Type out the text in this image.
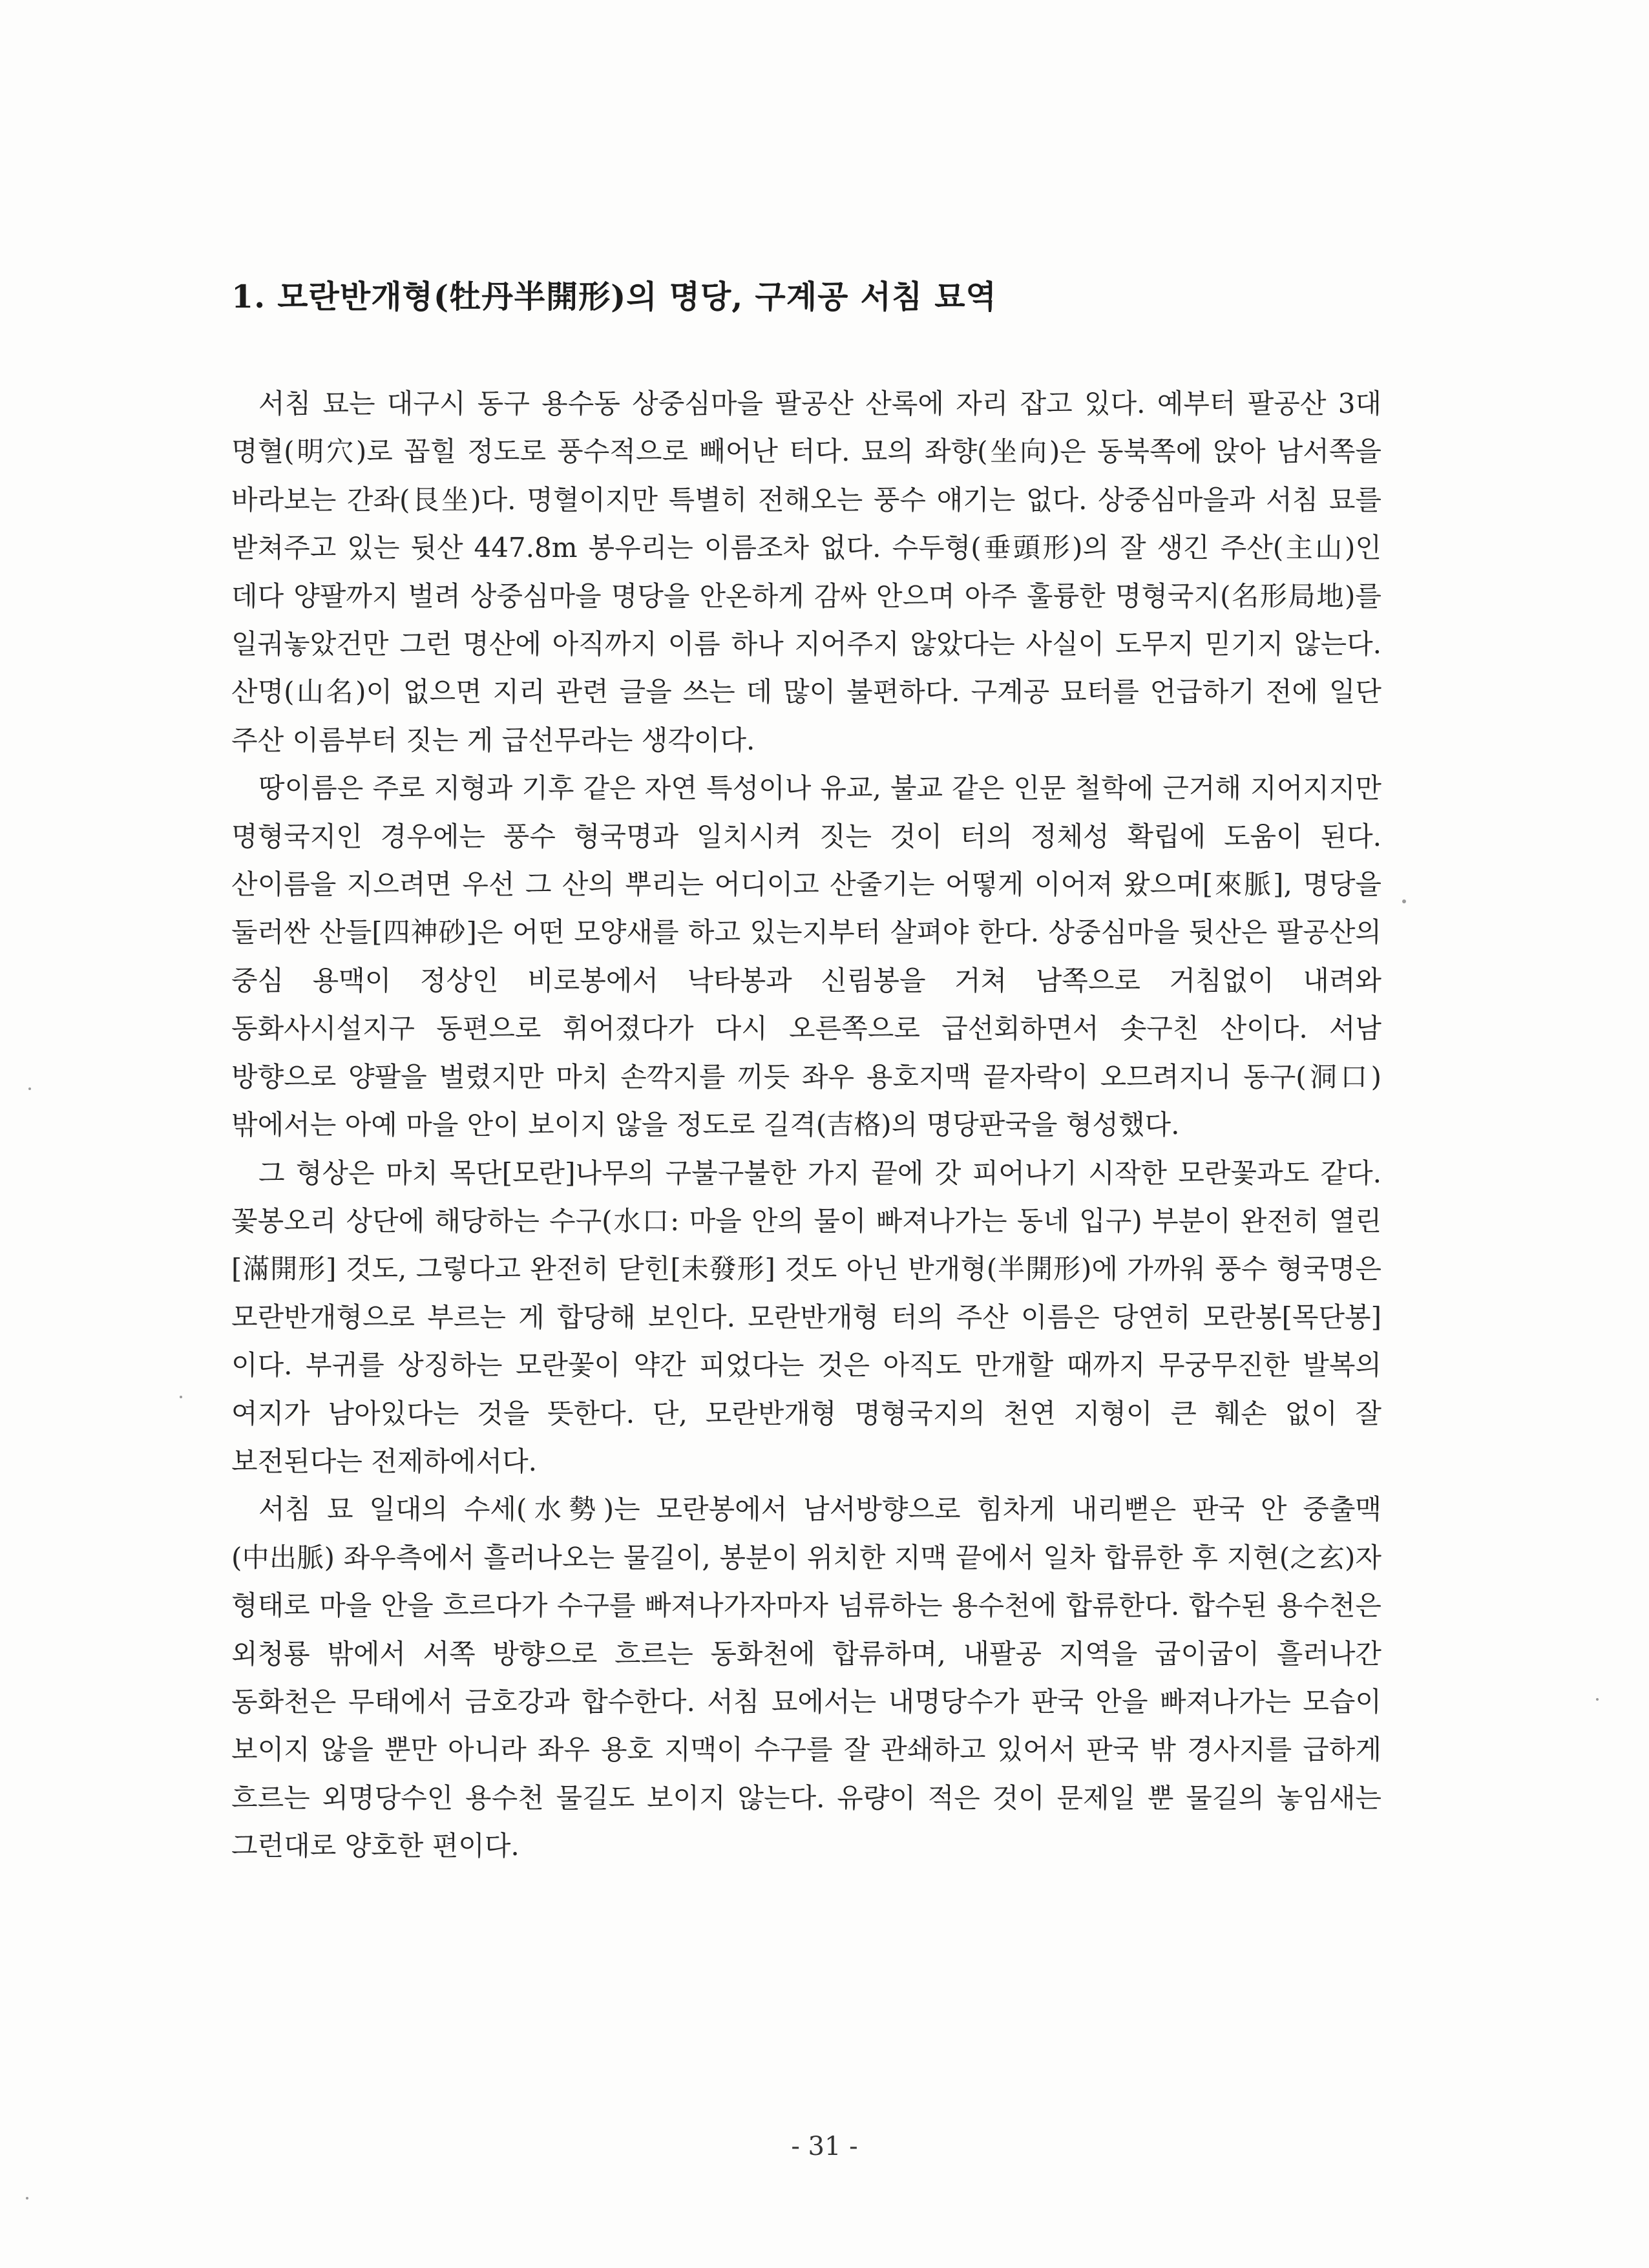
1. 모란반개형(牡丹半開形)의 명당, 구계공 서침 묘역

서침 묘는 대구시 동구 용수동 상중심마을 팔공산 산록에 자리 잡고 있다. 예부터 팔공산 3대 명혈(明穴)로 꼽힐 정도로 풍수적으로 빼어난 터다. 묘의 좌향(坐向)은 동북쪽에 앉아 남서쪽을 바라보는 간좌(艮坐)다. 명혈이지만 특별히 전해오는 풍수 얘기는 없다. 상중심마을과 서침 묘를 받쳐주고 있는 뒷산 447.8m 봉우리는 이름조차 없다. 수두형(垂頭形)의 잘 생긴 주산(主山)인 데다 양팔까지 벌려 상중심마을 명당을 안온하게 감싸 안으며 아주 훌륭한 명형국지(名形局地)를 일궈놓았건만 그런 명산에 아직까지 이름 하나 지어주지 않았다는 사실이 도무지 믿기지 않는다. 산명(山名)이 없으면 지리 관련 글을 쓰는 데 많이 불편하다. 구계공 묘터를 언급하기 전에 일단 주산 이름부터 짓는 게 급선무라는 생각이다.

땅이름은 주로 지형과 기후 같은 자연 특성이나 유교, 불교 같은 인문 철학에 근거해 지어지지만 명형국지인 경우에는 풍수 형국명과 일치시켜 짓는 것이 터의 정체성 확립에 도움이 된다. 산이름을 지으려면 우선 그 산의 뿌리는 어디이고 산줄기는 어떻게 이어져 왔으며[來脈], 명당을 둘러싼 산들[四神砂]은 어떤 모양새를 하고 있는지부터 살펴야 한다. 상중심마을 뒷산은 팔공산의 중심 용맥이 정상인 비로봉에서 낙타봉과 신림봉을 거쳐 남쪽으로 거침없이 내려와 동화사시설지구 동편으로 휘어졌다가 다시 오른쪽으로 급선회하면서 솟구친 산이다. 서남 방향으로 양팔을 벌렸지만 마치 손깍지를 끼듯 좌우 용호지맥 끝자락이 오므려지니 동구(洞口) 밖에서는 아예 마을 안이 보이지 않을 정도로 길격(吉格)의 명당판국을 형성했다.

그 형상은 마치 목단[모란]나무의 구불구불한 가지 끝에 갓 피어나기 시작한 모란꽃과도 같다. 꽃봉오리 상단에 해당하는 수구(水口: 마을 안의 물이 빠져나가는 동네 입구) 부분이 완전히 열린[滿開形] 것도, 그렇다고 완전히 닫힌[未發形] 것도 아닌 반개형(半開形)에 가까워 풍수 형국명은 모란반개형으로 부르는 게 합당해 보인다. 모란반개형 터의 주산 이름은 당연히 모란봉[목단봉]이다. 부귀를 상징하는 모란꽃이 약간 피었다는 것은 아직도 만개할 때까지 무궁무진한 발복의 여지가 남아있다는 것을 뜻한다. 단, 모란반개형 명형국지의 천연 지형이 큰 훼손 없이 잘 보전된다는 전제하에서다.

서침 묘 일대의 수세(水勢)는 모란봉에서 남서방향으로 힘차게 내리뻗은 판국 안 중출맥(中出脈) 좌우측에서 흘러나오는 물길이, 봉분이 위치한 지맥 끝에서 일차 합류한 후 지현(之玄)자 형태로 마을 안을 흐르다가 수구를 빠져나가자마자 넘류하는 용수천에 합류한다. 합수된 용수천은 외청룡 밖에서 서쪽 방향으로 흐르는 동화천에 합류하며, 내팔공 지역을 굽이굽이 흘러나간 동화천은 무태에서 금호강과 합수한다. 서침 묘에서는 내명당수가 판국 안을 빠져나가는 모습이 보이지 않을 뿐만 아니라 좌우 용호 지맥이 수구를 잘 관쇄하고 있어서 판국 밖 경사지를 급하게 흐르는 외명당수인 용수천 물길도 보이지 않는다. 유량이 적은 것이 문제일 뿐 물길의 놓임새는 그런대로 양호한 편이다.

- 31 -
